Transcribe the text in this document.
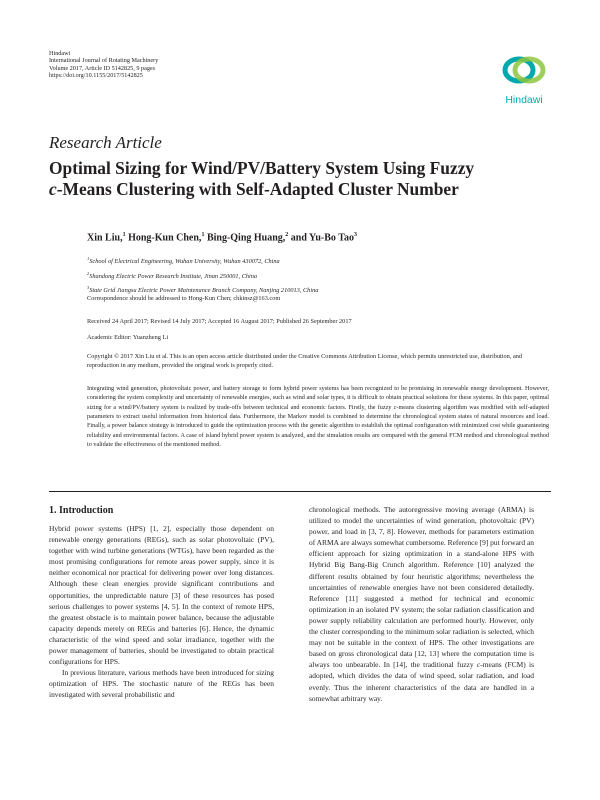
Hindawi
International Journal of Rotating Machinery
Volume 2017, Article ID 5142825, 9 pages
https://doi.org/10.1155/2017/5142825
Hindawi
Research Article
Optimal Sizing for Wind/PV/Battery System Using Fuzzy
c-Means Clustering with Self-Adapted Cluster Number
Xin Liu,$^1$ Hong-Kun Chen,$^1$ Bing-Qing Huang,$^2$ and Yu-Bo Tao$^3$
$^1$School of Electrical Engineering, Wuhan University, Wuhan 430072, China
$^2$Shandong Electric Power Research Institute, Jinan 250001, China
$^3$State Grid Jiangsu Electric Power Maintenance Branch Company, Nanjing 210013, China
Correspondence should be addressed to Hong-Kun Chen; chkinsz@163.com
Received 24 April 2017; Revised 14 July 2017; Accepted 16 August 2017; Published 26 September 2017
Academic Editor: Yuanzheng Li
Copyright © 2017 Xin Liu et al. This is an open access article distributed under the Creative Commons Attribution License, which permits unrestricted use, distribution, and reproduction in any medium, provided the original work is properly cited.
Integrating wind generation, photovoltaic power, and battery storage to form hybrid power systems has been recognized to be promising in renewable energy development. However, considering the system complexity and uncertainty of renewable energies, such as wind and solar types, it is difficult to obtain practical solutions for these systems. In this paper, optimal sizing for a wind/PV/battery system is realized by trade-offs between technical and economic factors. Firstly, the fuzzy c-means clustering algorithm was modified with self-adapted parameters to extract useful information from historical data. Furthermore, the Markov model is combined to determine the chronological system states of natural resources and load. Finally, a power balance strategy is introduced to guide the optimization process with the genetic algorithm to establish the optimal configuration with minimized cost while guaranteeing reliability and environmental factors. A case of island hybrid power system is analyzed, and the simulation results are compared with the general FCM method and chronological method to validate the effectiveness of the mentioned method.
1. Introduction

Hybrid power systems (HPS) [1, 2], especially those dependent on renewable energy generations (REGs), such as solar photovoltaic (PV), together with wind turbine generations (WTGs), have been regarded as the most promising configurations for remote areas power supply, since it is neither economical nor practical for delivering power over long distances. Although these clean energies provide significant contributions and opportunities, the unpredictable nature [3] of these resources has posed serious challenges to power systems [4, 5]. In the context of remote HPS, the greatest obstacle is to maintain power balance, because the adjustable capacity depends merely on REGs and batteries [6]. Hence, the dynamic characteristic of the wind speed and solar irradiance, together with the power management of batteries, should be investigated to obtain practical configurations for HPS.

In previous literature, various methods have been introduced for sizing optimization of HPS. The stochastic nature of the REGs has been investigated with several probabilistic and

chronological methods. The autoregressive moving average (ARMA) is utilized to model the uncertainties of wind generation, photovoltaic (PV) power, and load in [3, 7, 8]. However, methods for parameters estimation of ARMA are always somewhat cumbersome. Reference [9] put forward an efficient approach for sizing optimization in a stand-alone HPS with Hybrid Big Bang-Big Crunch algorithm. Reference [10] analyzed the different results obtained by four heuristic algorithms; nevertheless the uncertainties of renewable energies have not been considered detailedly. Reference [11] suggested a method for technical and economic optimization in an isolated PV system; the solar radiation classification and power supply reliability calculation are performed hourly. However, only the cluster corresponding to the minimum solar radiation is selected, which may not be suitable in the context of HPS. The other investigations are based on gross chronological data [12, 13] where the computation time is always too unbearable. In [14], the traditional fuzzy c-means (FCM) is adopted, which divides the data of wind speed, solar radiation, and load evenly. Thus the inherent characteristics of the data are handled in a somewhat arbitrary way.
